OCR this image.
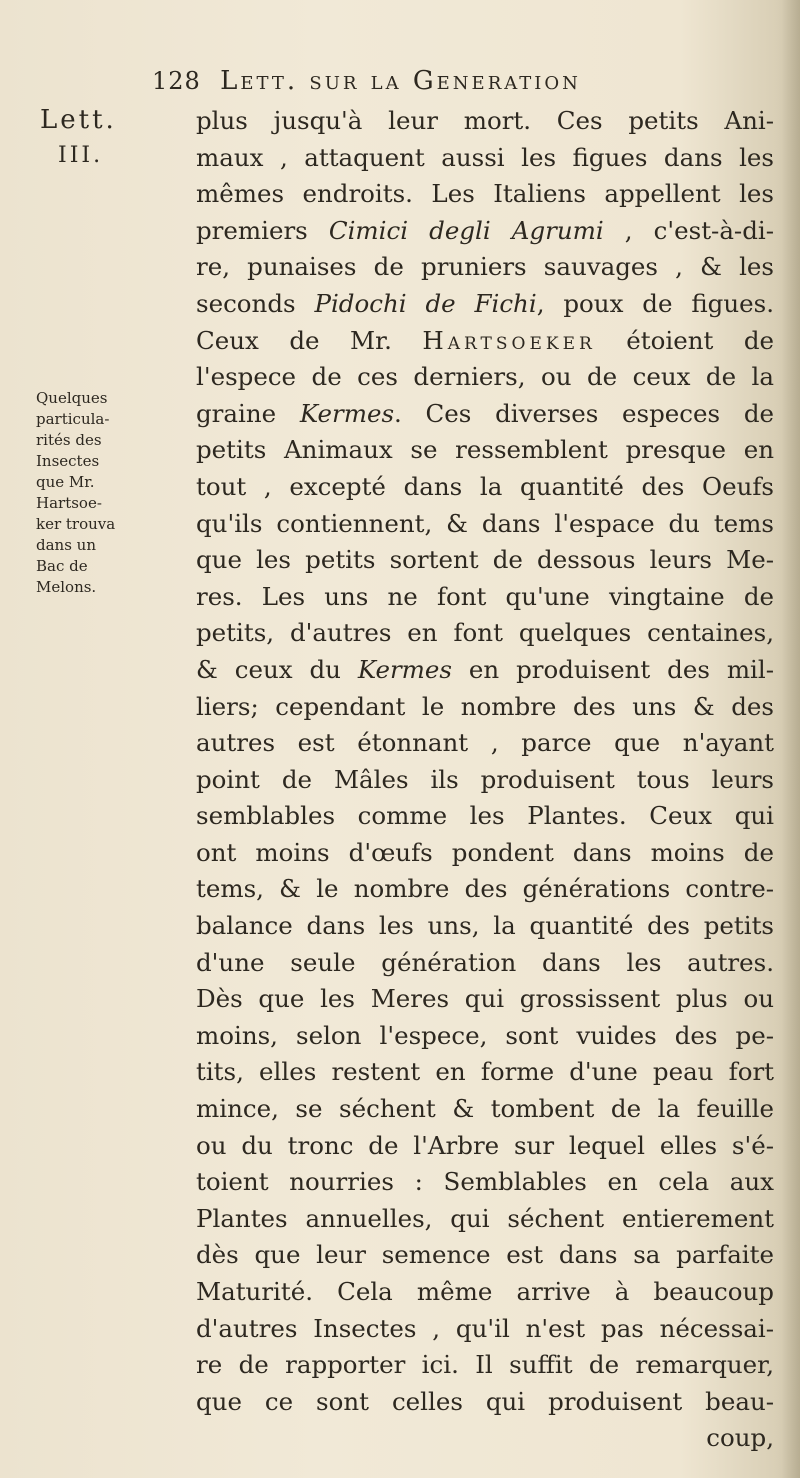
128 Lett. sur la Generation
Lett.
III.
Quelques
particula-
rités des
Insectes
que Mr.
Hartsoe-
ker trouva
dans un
Bac de
Melons.
plus jusqu'à leur mort. Ces petits Ani-
maux , attaquent aussi les figues dans les
mêmes endroits. Les Italiens appellent les
premiers Cimici degli Agrumi , c'est-à-di-
re, punaises de pruniers sauvages , & les
seconds Pidochi de Fichi, poux de figues.
Ceux de Mr. Hartsoeker étoient de
l'espece de ces derniers, ou de ceux de la
graine Kermes. Ces diverses especes de
petits Animaux se ressemblent presque en
tout , excepté dans la quantité des Oeufs
qu'ils contiennent, & dans l'espace du tems
que les petits sortent de dessous leurs Me-
res. Les uns ne font qu'une vingtaine de
petits, d'autres en font quelques centaines,
& ceux du Kermes en produisent des mil-
liers; cependant le nombre des uns & des
autres est étonnant , parce que n'ayant
point de Mâles ils produisent tous leurs
semblables comme les Plantes. Ceux qui
ont moins d'œufs pondent dans moins de
tems, & le nombre des générations contre-
balance dans les uns, la quantité des petits
d'une seule génération dans les autres.
Dès que les Meres qui grossissent plus ou
moins, selon l'espece, sont vuides des pe-
tits, elles restent en forme d'une peau fort
mince, se séchent & tombent de la feuille
ou du tronc de l'Arbre sur lequel elles s'é-
toient nourries : Semblables en cela aux
Plantes annuelles, qui séchent entierement
dès que leur semence est dans sa parfaite
Maturité. Cela même arrive à beaucoup
d'autres Insectes , qu'il n'est pas nécessai-
re de rapporter ici. Il suffit de remarquer,
que ce sont celles qui produisent beau-
coup,
